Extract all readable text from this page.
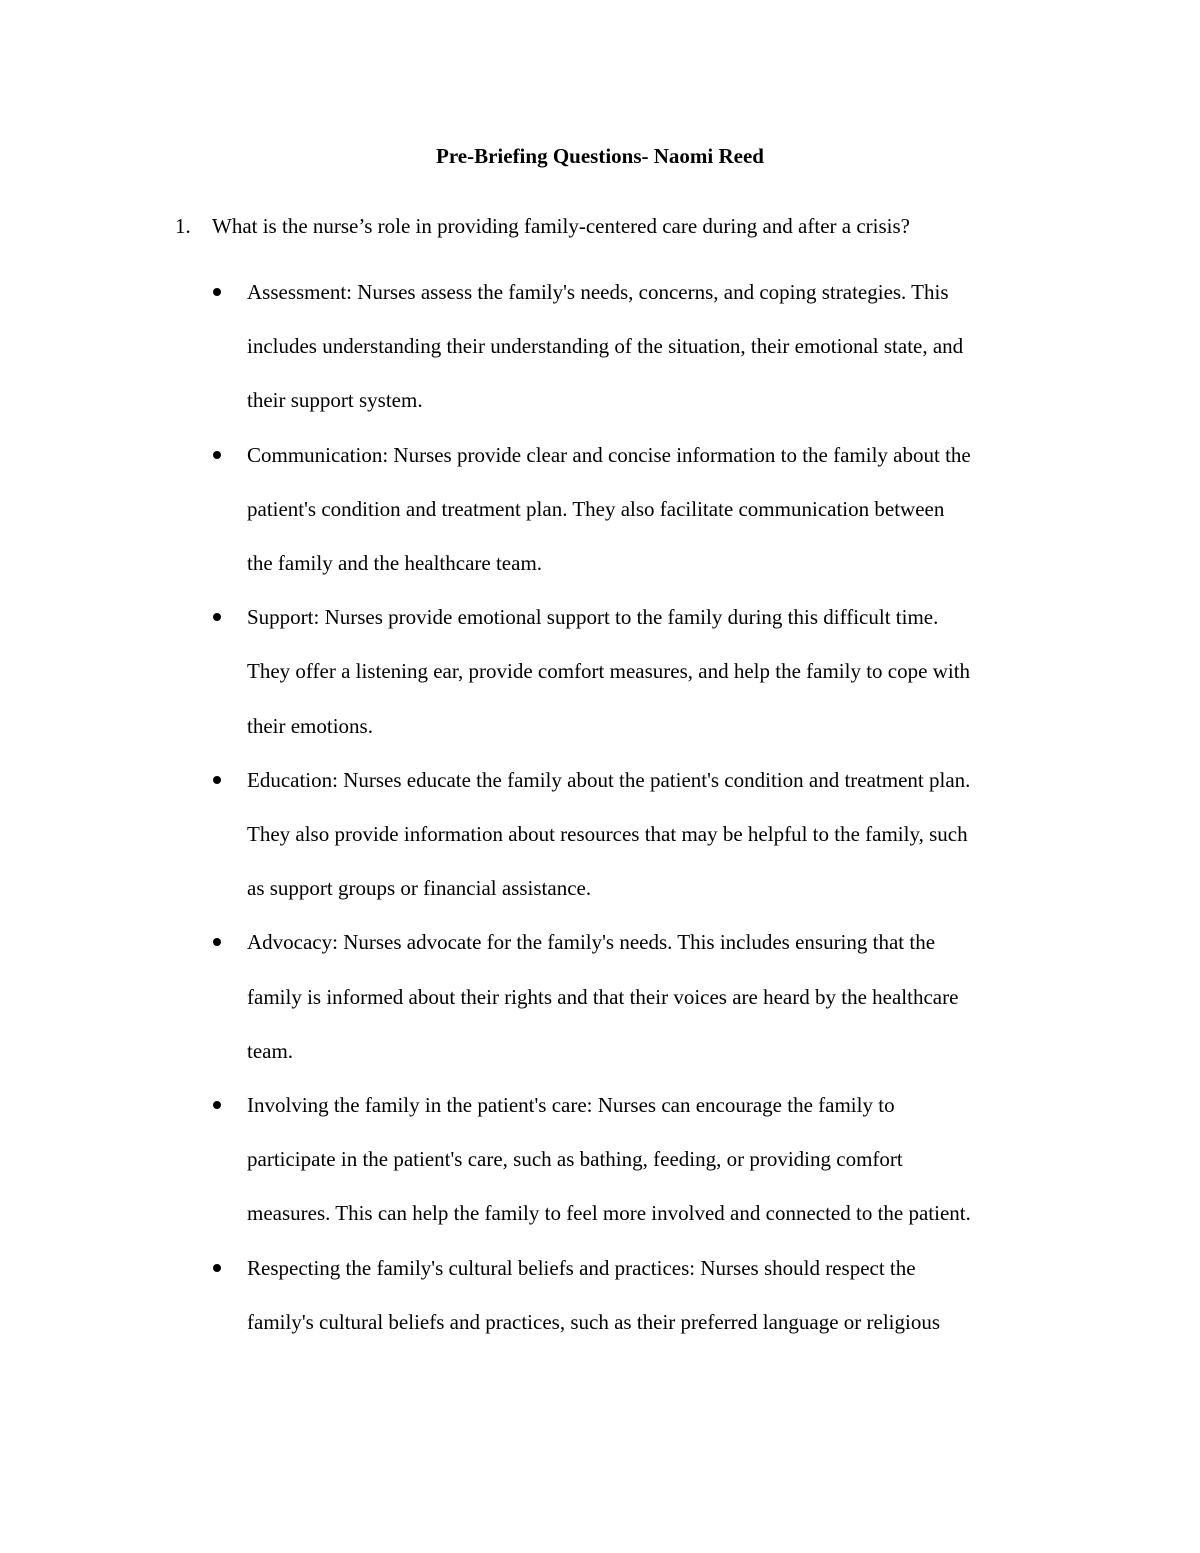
Pre-Briefing Questions- Naomi Reed
1. What is the nurse’s role in providing family-centered care during and after a crisis?
Assessment: Nurses assess the family's needs, concerns, and coping strategies. This
includes understanding their understanding of the situation, their emotional state, and
their support system.
Communication: Nurses provide clear and concise information to the family about the
patient's condition and treatment plan. They also facilitate communication between
the family and the healthcare team.
Support: Nurses provide emotional support to the family during this difficult time.
They offer a listening ear, provide comfort measures, and help the family to cope with
their emotions.
Education: Nurses educate the family about the patient's condition and treatment plan.
They also provide information about resources that may be helpful to the family, such
as support groups or financial assistance.
Advocacy: Nurses advocate for the family's needs. This includes ensuring that the
family is informed about their rights and that their voices are heard by the healthcare
team.
Involving the family in the patient's care: Nurses can encourage the family to
participate in the patient's care, such as bathing, feeding, or providing comfort
measures. This can help the family to feel more involved and connected to the patient.
Respecting the family's cultural beliefs and practices: Nurses should respect the
family's cultural beliefs and practices, such as their preferred language or religious
